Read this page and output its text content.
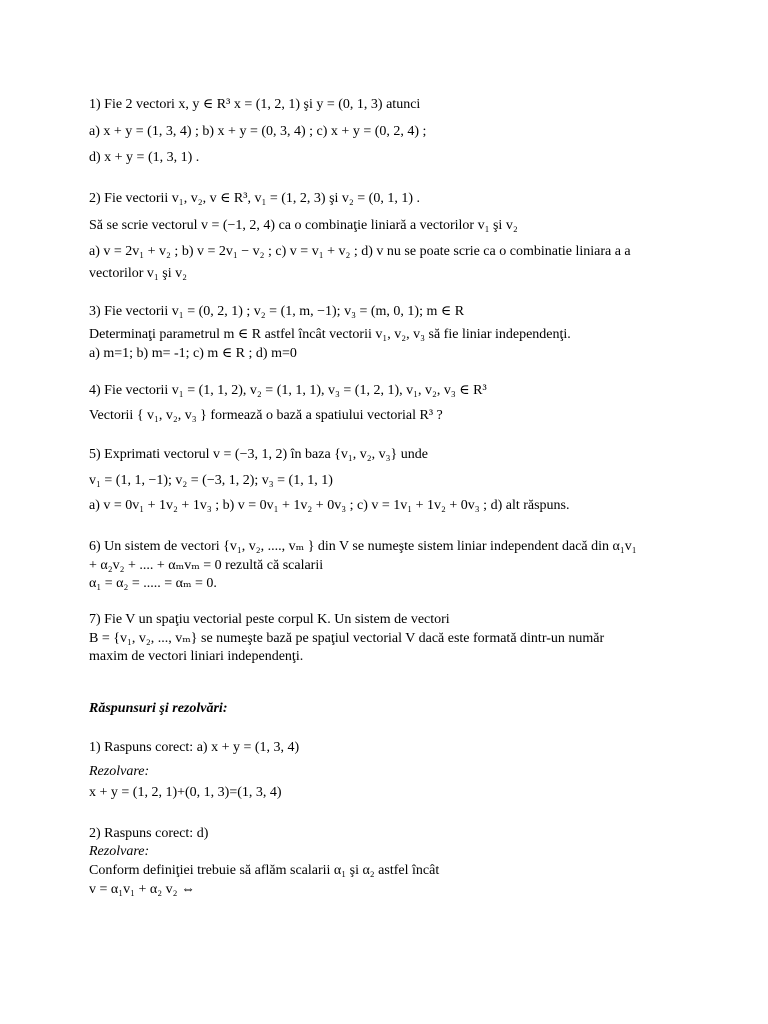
1) Fie 2 vectori x, y ∈ R³ x = (1, 2, 1) şi y = (0, 1, 3) atunci
a) x + y = (1, 3, 4) ; b) x + y = (0, 3, 4) ; c) x + y = (0, 2, 4) ;
d) x + y = (1, 3, 1) .
2) Fie vectorii v₁, v₂, v ∈ R³, v₁ = (1, 2, 3) şi v₂ = (0, 1, 1) .
Să se scrie vectorul v = (−1, 2, 4) ca o combinaţie liniară a vectorilor v₁ şi v₂
a) v = 2v₁ + v₂ ; b) v = 2v₁ − v₂ ; c) v = v₁ + v₂ ; d) v nu se poate scrie ca o combinatie liniara a a
vectorilor v₁ şi v₂
3) Fie vectorii v₁ = (0, 2, 1) ; v₂ = (1, m, −1); v₃ = (m, 0, 1); m ∈ R
Determinaţi parametrul m ∈ R astfel încât vectorii v₁, v₂, v₃ să fie liniar independenţi.
a) m=1; b) m= -1; c) m ∈ R ; d) m=0
4) Fie vectorii v₁ = (1, 1, 2), v₂ = (1, 1, 1), v₃ = (1, 2, 1), v₁, v₂, v₃ ∈ R³
Vectorii { v₁, v₂, v₃ } formează o bază a spatiului vectorial R³ ?
5) Exprimati vectorul v = (−3, 1, 2) în baza {v₁, v₂, v₃} unde
v₁ = (1, 1, −1); v₂ = (−3, 1, 2); v₃ = (1, 1, 1)
a) v = 0v₁ + 1v₂ + 1v₃ ; b) v = 0v₁ + 1v₂ + 0v₃ ; c) v = 1v₁ + 1v₂ + 0v₃ ; d) alt răspuns.
6) Un sistem de vectori {v₁, v₂, ...., vₘ } din V se numeşte sistem liniar independent dacă din α₁v₁
+ α₂v₂ + .... + αₘvₘ = 0 rezultă că scalarii
α₁ = α₂ = ..... = αₘ = 0.
7) Fie V un spaţiu vectorial peste corpul K. Un sistem de vectori
B = {v₁, v₂, ..., vₘ} se numeşte bază pe spaţiul vectorial V dacă este formată dintr-un număr
maxim de vectori liniari independenţi.
Răspunsuri şi rezolvări:
1) Raspuns corect: a) x + y = (1, 3, 4)
Rezolvare:
x + y = (1, 2, 1)+(0, 1, 3)=(1, 3, 4)
2) Raspuns corect: d)
Rezolvare:
Conform definiţiei trebuie să aflăm scalarii α₁ şi α₂ astfel încât
v = α₁v₁ + α₂ v₂ ⇔
